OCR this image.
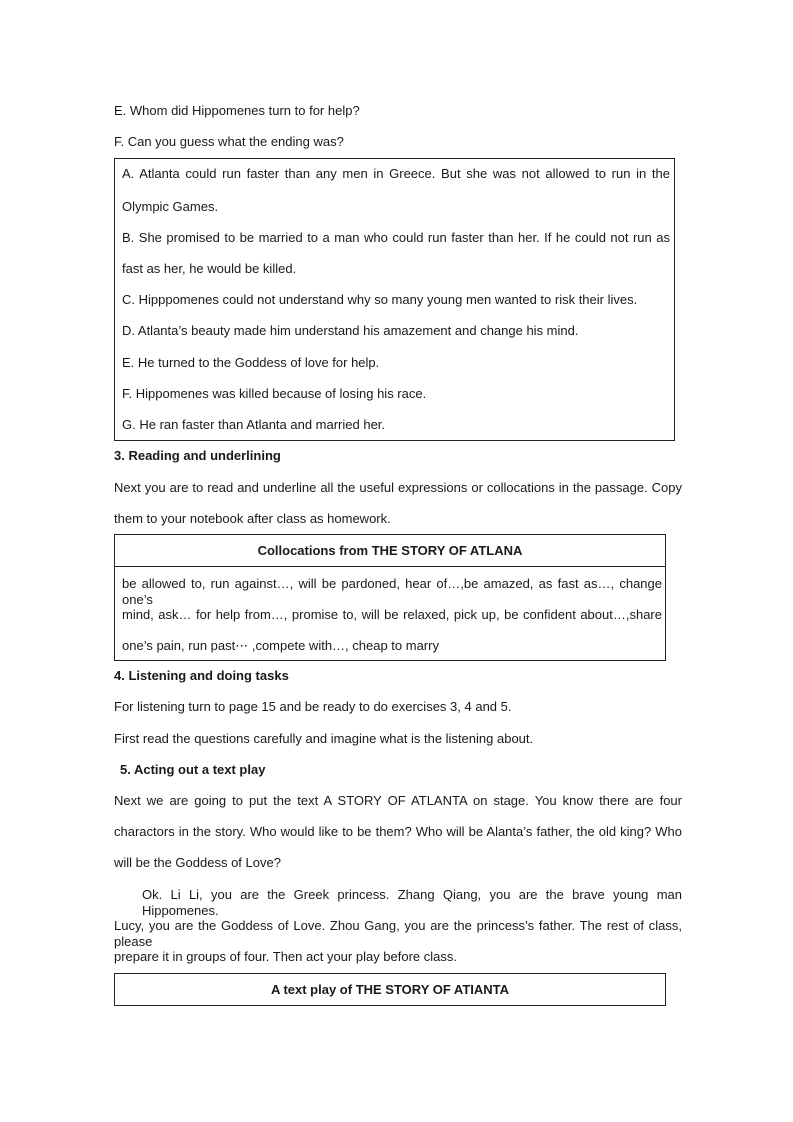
E. Whom did Hippomenes turn to for help?
F. Can you guess what the ending was?
A. Atlanta could run faster than any men in Greece. But she was not allowed to run in the
Olympic Games.
B. She promised to be married to a man who could run faster than her. If he could not run as
fast as her, he would be killed.
C. Hipppomenes could not understand why so many young men wanted to risk their lives.
D. Atlanta’s beauty made him understand his amazement and change his mind.
E. He turned to the Goddess of love for help.
F. Hippomenes was killed because of losing his race.
G. He ran faster than Atlanta and married her.
3. Reading and underlining
Next you are to read and underline all the useful expressions or collocations in the passage. Copy
them to your notebook after class as homework.
Collocations from THE STORY OF ATLANA
be allowed to, run against…, will be pardoned, hear of…,be amazed, as fast as…, change one’s
mind, ask… for help from…, promise to, will be relaxed, pick up, be confident about…,share
one’s pain, run past⋯ ,compete with…, cheap to marry
4. Listening and doing tasks
For listening turn to page 15 and be ready to do exercises 3, 4 and 5.
First read the questions carefully and imagine what is the listening about.
5. Acting out a text play
Next we are going to put the text A STORY OF ATLANTA on stage. You know there are four
charactors in the story. Who would like to be them? Who will be Alanta’s father, the old king? Who
will be the Goddess of Love?
Ok. Li Li, you are the Greek princess. Zhang Qiang, you are the brave young man Hippomenes.
Lucy, you are the Goddess of Love. Zhou Gang, you are the princess’s father. The rest of class, please
prepare it in groups of four. Then act your play before class.
A text play of THE STORY OF ATIANTA
